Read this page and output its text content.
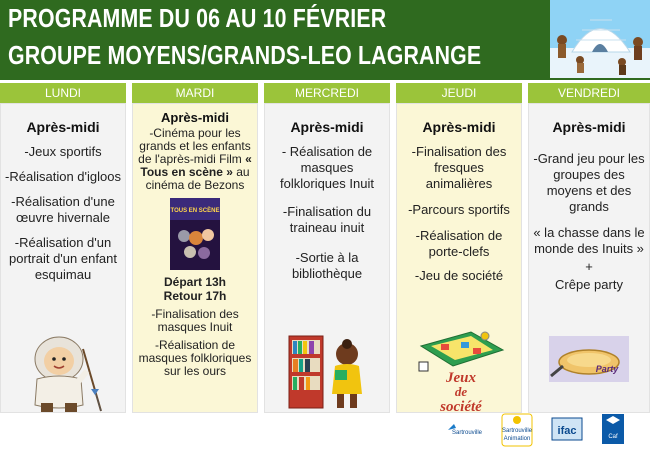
PROGRAMME DU 06 AU 10 FÉVRIER
GROUPE MOYENS/GRANDS-LEO LAGRANGE
LUNDI
Après-midi

-Jeux sportifs

-Réalisation d'igloos

-Réalisation d'une œuvre hivernale

-Réalisation d'un portrait d'un enfant esquimau

MARDI
Après-midi

-Cinéma pour les grands et les enfants de l'après-midi Film « Tous en scène » au cinéma de Bezons

TOUS EN SCÈNE

Départ 13h

Retour 17h

-Finalisation des masques Inuit

-Réalisation de masques folkloriques sur les ours

MERCREDI
Après-midi

- Réalisation de masques folkloriques Inuit

-Finalisation du traineau inuit

-Sortie à la bibliothèque

JEUDI
Après-midi

-Finalisation des fresques animalières

-Parcours sportifs

-Réalisation de porte-clefs

-Jeu de société

Jeux
de
société
VENDREDI
Après-midi

-Grand jeu pour les groupes des moyens et des grands

« la chasse dans le monde des Inuits »

+

Crêpe party

Party
Sartrouville	Sartrouville
Animation
ifac	Caf
